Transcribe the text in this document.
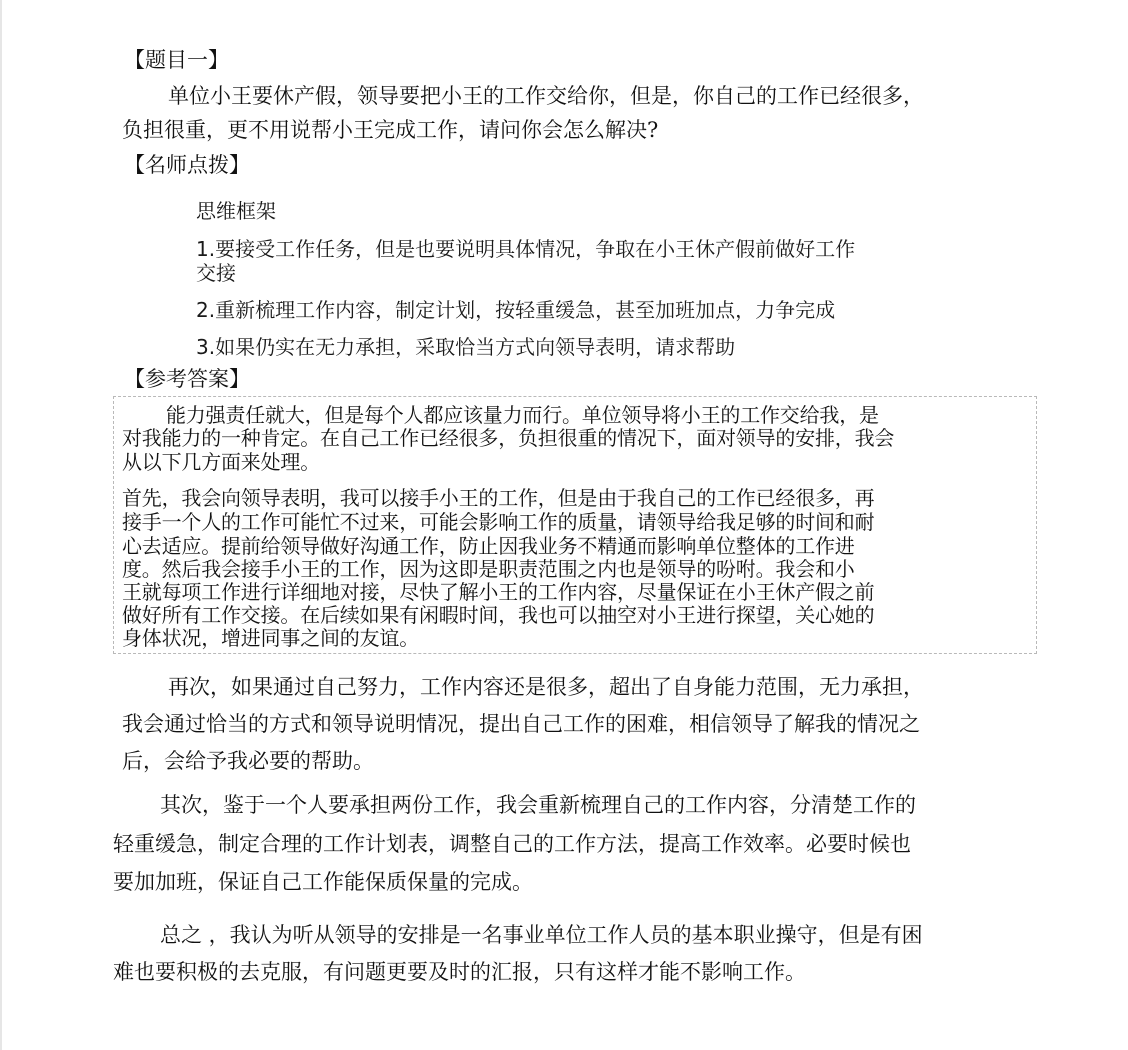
【题目一】
单位小王要休产假，领导要把小王的工作交给你，但是，你自己的工作已经很多，
负担很重，更不用说帮小王完成工作，请问你会怎么解决?
【名师点拨】
思维框架
1.要接受工作任务，但是也要说明具体情况，争取在小王休产假前做好工作
交接
2.重新梳理工作内容，制定计划，按轻重缓急，甚至加班加点，力争完成
3.如果仍实在无力承担，采取恰当方式向领导表明，请求帮助
【参考答案】
能力强责任就大，但是每个人都应该量力而行。单位领导将小王的工作交给我，是
对我能力的一种肯定。在自己工作已经很多，负担很重的情况下，面对领导的安排，我会
从以下几方面来处理。
首先，我会向领导表明，我可以接手小王的工作，但是由于我自己的工作已经很多，再
接手一个人的工作可能忙不过来，可能会影响工作的质量，请领导给我足够的时间和耐
心去适应。提前给领导做好沟通工作，防止因我业务不精通而影响单位整体的工作进
度。然后我会接手小王的工作，因为这即是职责范围之内也是领导的吩咐。我会和小
王就每项工作进行详细地对接，尽快了解小王的工作内容，尽量保证在小王休产假之前
做好所有工作交接。在后续如果有闲暇时间，我也可以抽空对小王进行探望，关心她的
身体状况，增进同事之间的友谊。
再次，如果通过自己努力，工作内容还是很多，超出了自身能力范围，无力承担，
我会通过恰当的方式和领导说明情况，提出自己工作的困难，相信领导了解我的情况之
后，会给予我必要的帮助。
其次，鉴于一个人要承担两份工作，我会重新梳理自己的工作内容，分清楚工作的
轻重缓急，制定合理的工作计划表，调整自己的工作方法，提高工作效率。必要时候也
要加加班，保证自己工作能保质保量的完成。
总之 ，我认为听从领导的安排是一名事业单位工作人员的基本职业操守，但是有困
难也要积极的去克服，有问题更要及时的汇报，只有这样才能不影响工作。
